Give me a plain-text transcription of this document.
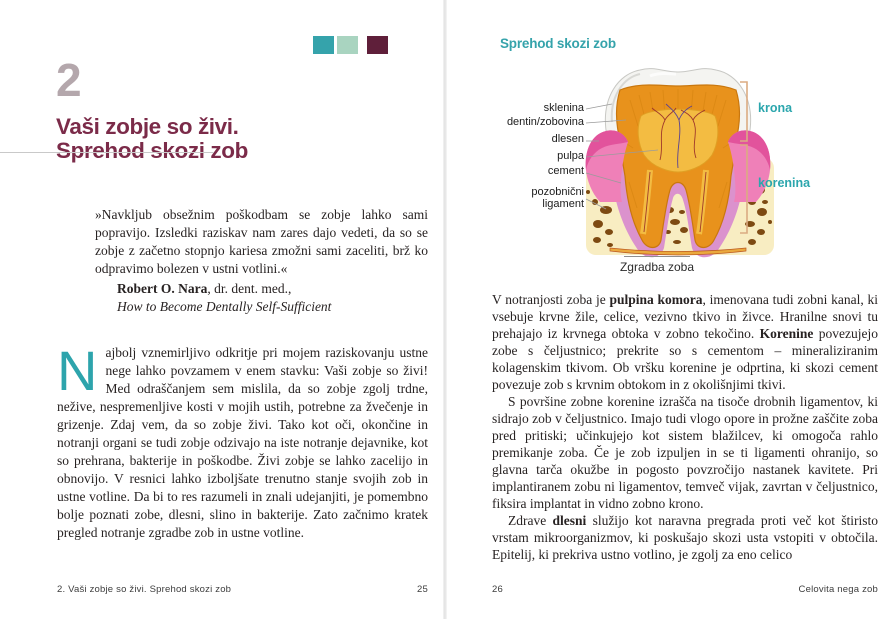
2
Vaši zobje so živi.
Sprehod skozi zob
»Navkljub obsežnim poškodbam se zobje lahko sami popravijo. Izsledki raziskav nam zares dajo vedeti, da so se zobje z začetno stopnjo kariesa zmožni sami zaceliti, brž ko odpravimo bolezen v ustni votlini.«
Robert O. Nara, dr. dent. med.,
How to Become Dentally Self-Sufficient
Najbolj vznemirljivo odkritje pri mojem raziskovanju ustne nege lahko povzamem v enem stavku: Vaši zobje so živi! Med odraščanjem sem mislila, da so zobje zgolj trdne, nežive, nespremenljive kosti v mojih ustih, potrebne za žvečenje in grizenje. Zdaj vem, da so zobje živi. Tako kot oči, okončine in notranji organi se tudi zobje odzivajo na iste notranje dejavnike, kot so prehrana, bakterije in poškodbe. Živi zobje se lahko zacelijo in obnovijo. V resnici lahko izboljšate trenutno stanje svojih zob in ustne votline. Da bi to res razumeli in znali udejanjiti, je pomembno bolje poznati zobe, dlesni, slino in bakterije. Zato začnimo kratek pregled notranje zgradbe zob in ustne votline.
2. Vaši zobje so živi. Sprehod skozi zob	25
Sprehod skozi zob
sklenina
dentin/zobovina
dlesen
pulpa
cement
pozobnični ligament
krona
korenina
Zgradba zoba

V notranjosti zoba je pulpina komora, imenovana tudi zobni kanal, ki vsebuje krvne žile, celice, vezivno tkivo in živce. Hranilne snovi tu prehajajo iz krvnega obtoka v zobno tekočino. Korenine povezujejo zobe s čeljustnico; prekrite so s cementom – mineraliziranim kolagenskim tkivom. Ob vršku korenine je odprtina, ki skozi cement povezuje zob s krvnim obtokom in z okolišnjimi tkivi.

S površine zobne korenine izrašča na tisoče drobnih ligamentov, ki sidrajo zob v čeljustnico. Imajo tudi vlogo opore in prožne zaščite zoba pred pritiski; učinkujejo kot sistem blažilcev, ki omogoča rahlo premikanje zoba. Če je zob izpuljen in se ti ligamenti ohranijo, so glavna tarča okužbe in pogosto povzročijo nastanek kavitete. Pri implantiranem zobu ni ligamentov, temveč vijak, zavrtan v čeljustnico, fiksira implantat in vidno zobno krono.

Zdrave dlesni služijo kot naravna pregrada proti več kot štiristo vrstam mikroorganizmov, ki poskušajo skozi usta vstopiti v obtočila. Epitelij, ki prekriva ustno votlino, je zgolj za eno celico

26	Celovita nega zob
